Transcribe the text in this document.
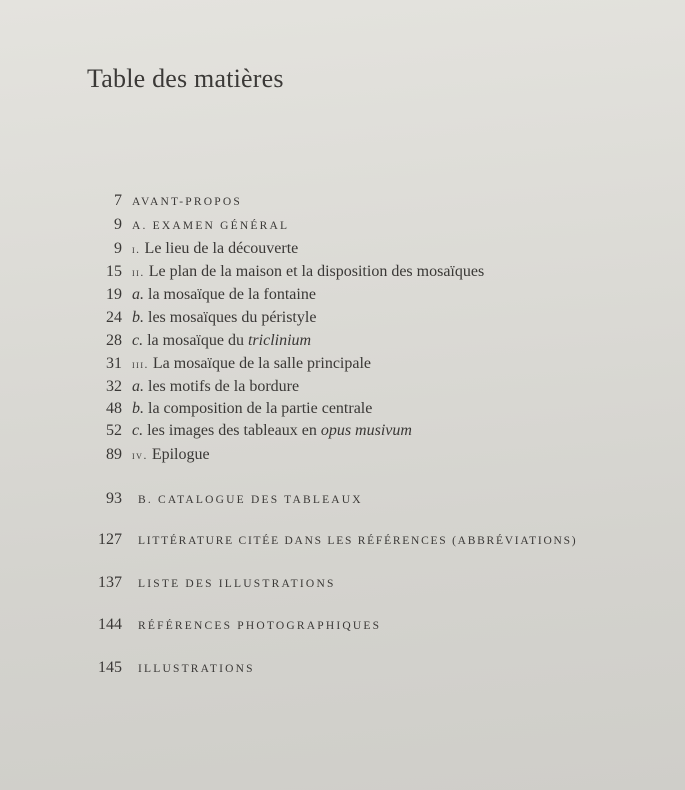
Table des matières
7 AVANT-PROPOS
9 A. EXAMEN GÉNÉRAL
9 i. Le lieu de la découverte
15 ii. Le plan de la maison et la disposition des mosaïques
19 a. la mosaïque de la fontaine
24 b. les mosaïques du péristyle
28 c. la mosaïque du triclinium
31 iii. La mosaïque de la salle principale
32 a. les motifs de la bordure
48 b. la composition de la partie centrale
52 c. les images des tableaux en opus musivum
89 iv. Epilogue
93 B. CATALOGUE DES TABLEAUX
127 LITTÉRATURE CITÉE DANS LES RÉFÉRENCES (ABBRÉVIATIONS)
137 LISTE DES ILLUSTRATIONS
144 RÉFÉRENCES PHOTOGRAPHIQUES
145 ILLUSTRATIONS
